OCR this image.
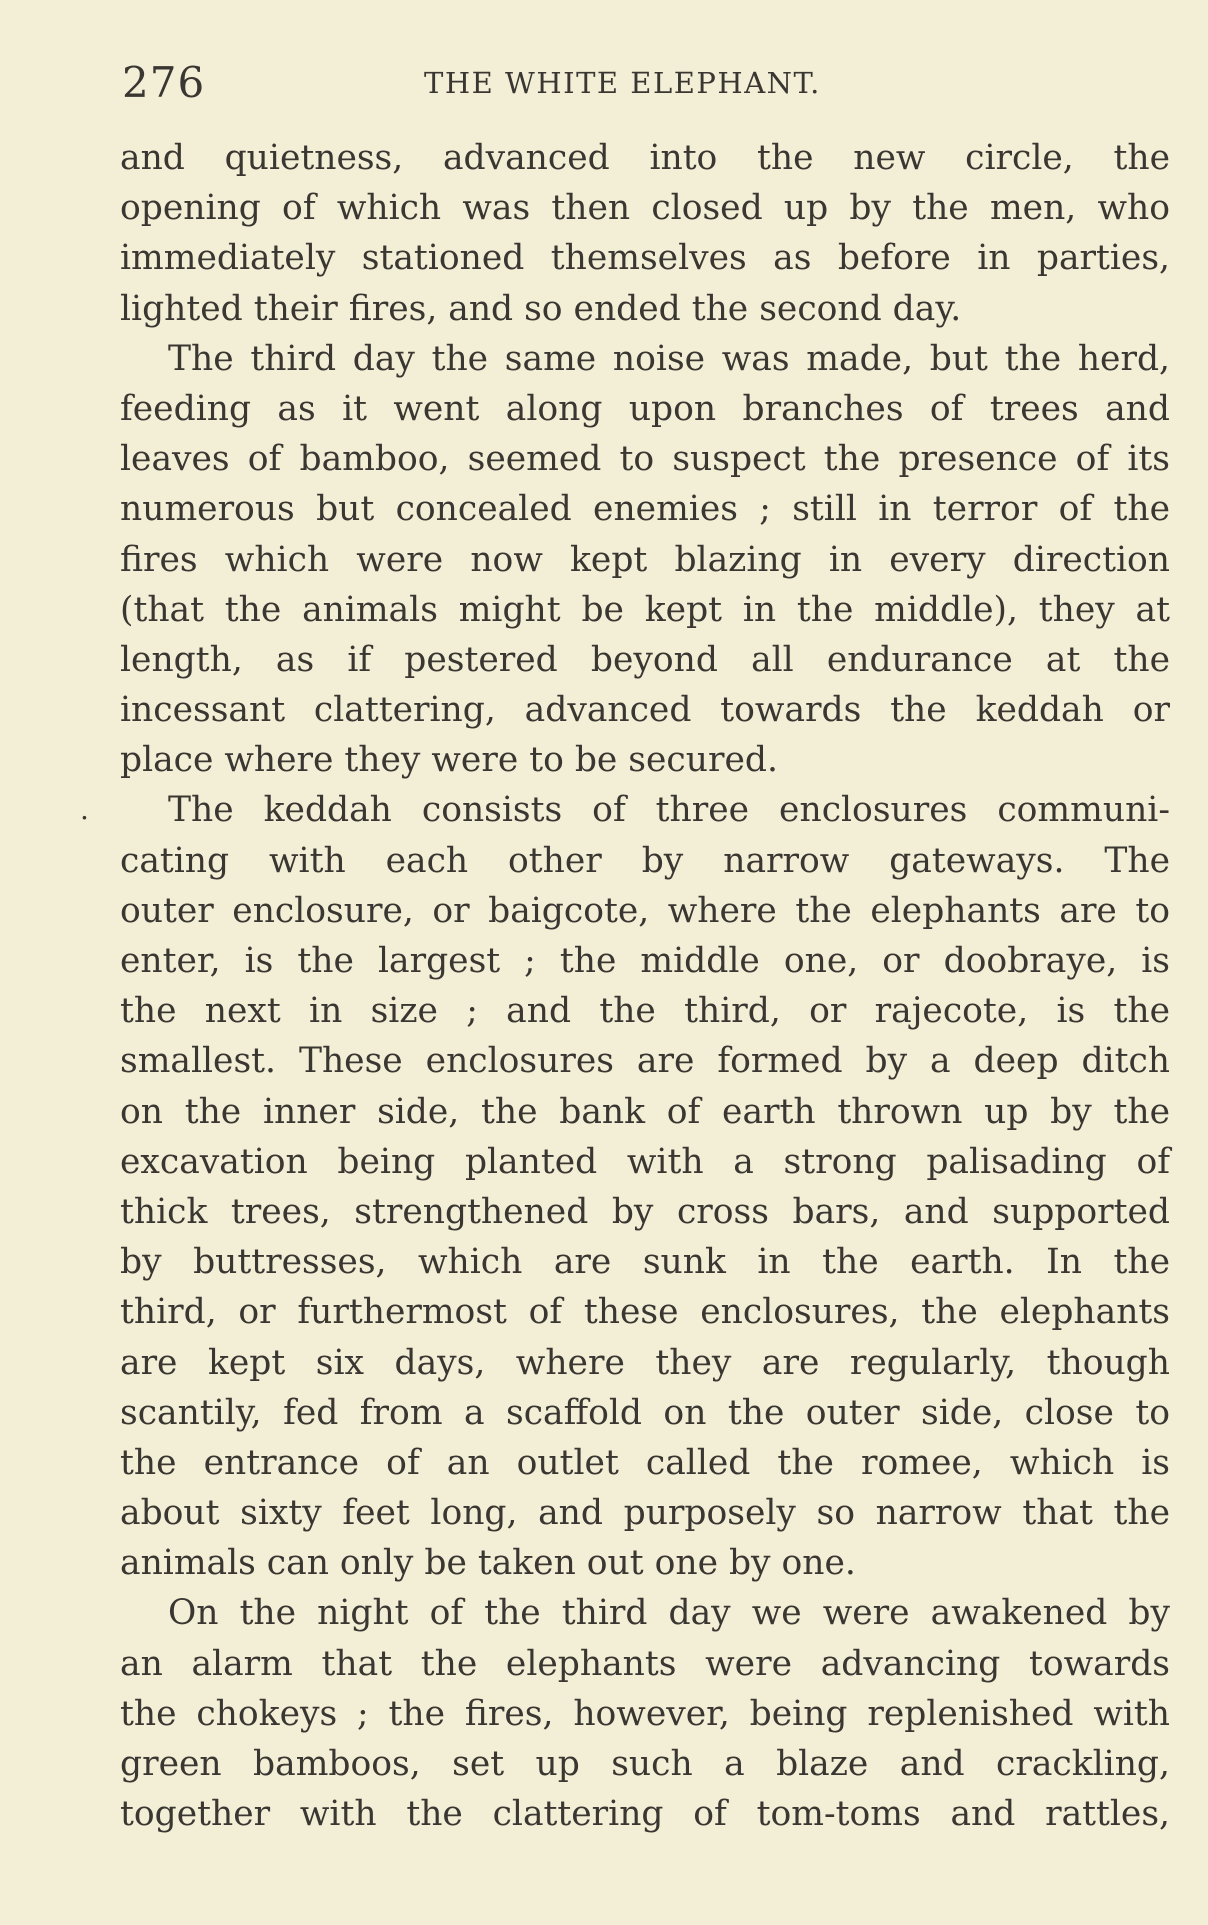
276	THE WHITE ELEPHANT.
and quietness, advanced into the new circle, the
opening of which was then closed up by the men, who
immediately stationed themselves as before in parties,
lighted their fires, and so ended the second day.
The third day the same noise was made, but the herd,
feeding as it went along upon branches of trees and
leaves of bamboo, seemed to suspect the presence of its
numerous but concealed enemies ; still in terror of the
fires which were now kept blazing in every direction
(that the animals might be kept in the middle), they at
length, as if pestered beyond all endurance at the
incessant clattering, advanced towards the keddah or
place where they were to be secured.
. The keddah consists of three enclosures communi-
cating with each other by narrow gateways. The
outer enclosure, or baigcote, where the elephants are to
enter, is the largest ; the middle one, or doobraye, is
the next in size ; and the third, or rajecote, is the
smallest. These enclosures are formed by a deep ditch
on the inner side, the bank of earth thrown up by the
excavation being planted with a strong palisading of
thick trees, strengthened by cross bars, and supported
by buttresses, which are sunk in the earth. In the
third, or furthermost of these enclosures, the elephants
are kept six days, where they are regularly, though
scantily, fed from a scaffold on the outer side, close to
the entrance of an outlet called the romee, which is
about sixty feet long, and purposely so narrow that the
animals can only be taken out one by one.
On the night of the third day we were awakened by
an alarm that the elephants were advancing towards
the chokeys ; the fires, however, being replenished with
green bamboos, set up such a blaze and crackling,
together with the clattering of tom-toms and rattles,
